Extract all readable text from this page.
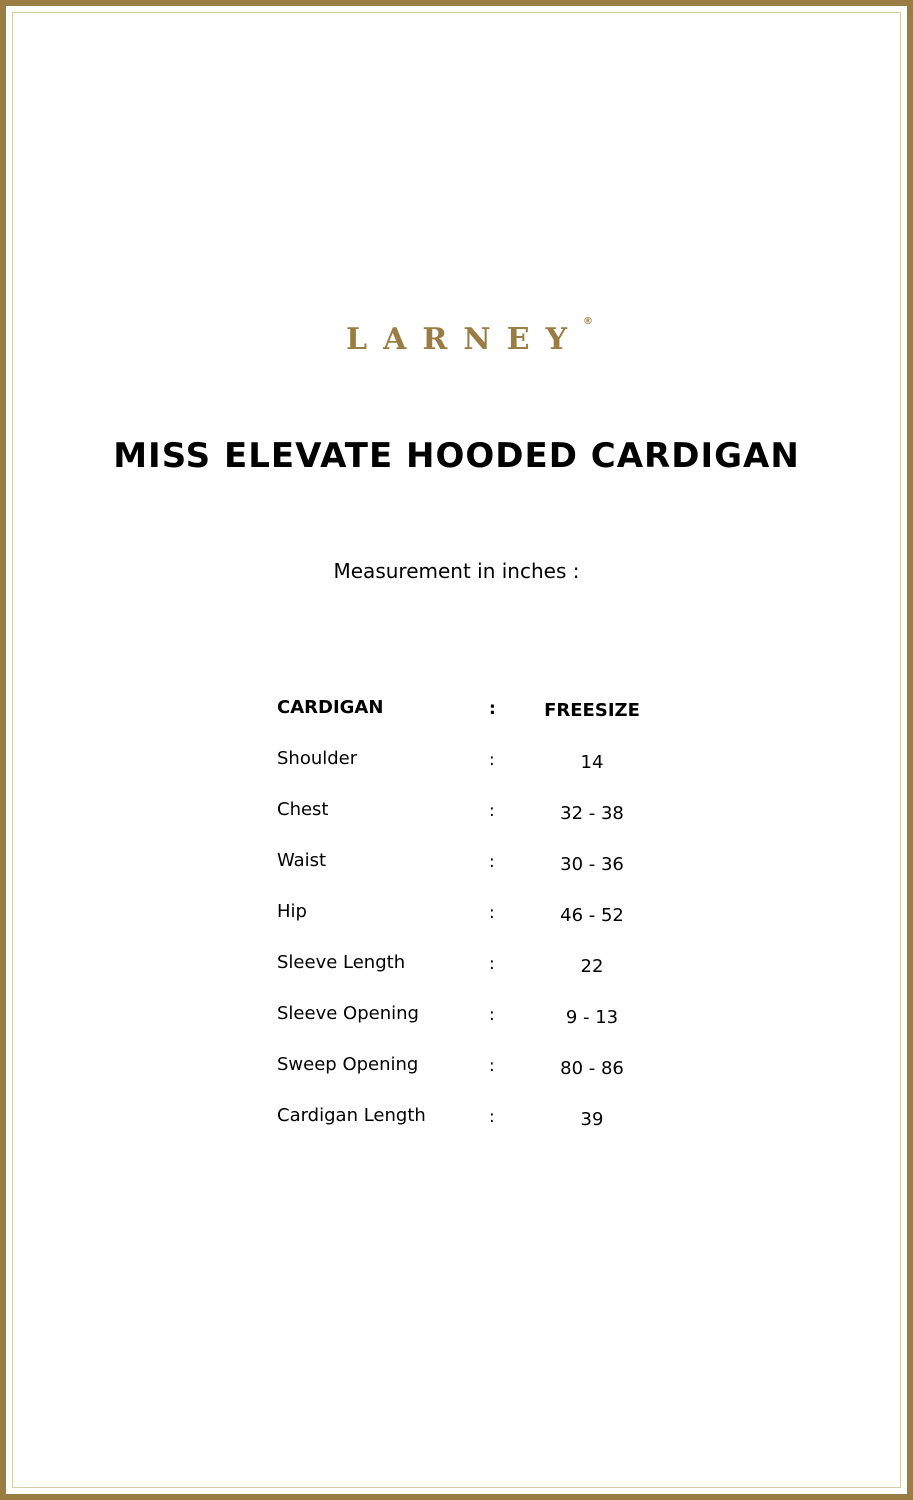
LARNEY
®
MISS ELEVATE HOODED CARDIGAN
Measurement in inches :
CARDIGAN	:	FREESIZE
Shoulder	:	14
Chest	:	32 - 38
Waist	:	30 - 36
Hip	:	46 - 52
Sleeve Length	:	22
Sleeve Opening	:	9 - 13
Sweep Opening	:	80 - 86
Cardigan Length	:	39
